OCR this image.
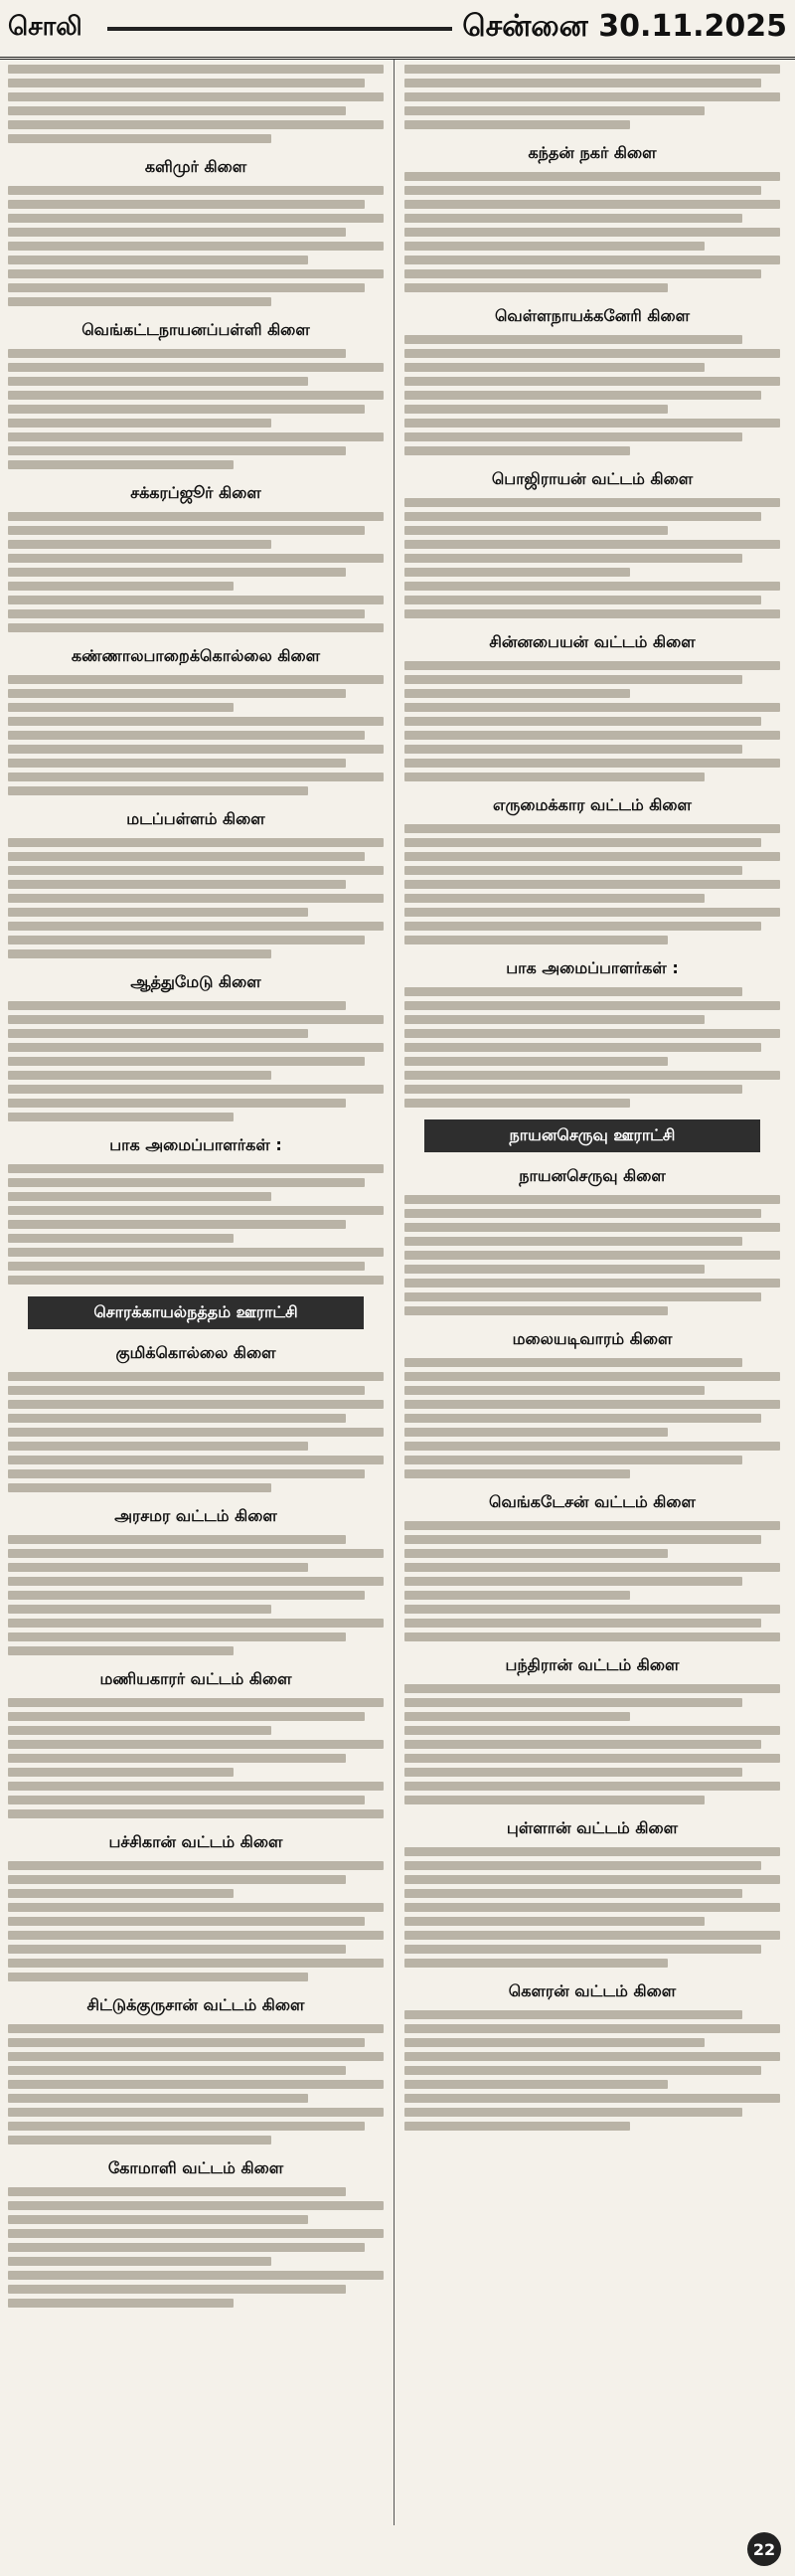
சொலி	சென்னை 30.11.2025
களிமுர் கிளை
வெங்கட்டநாயனப்பள்ளி கிளை
சக்கரப்ஜூர் கிளை
கண்ணாலபாறைக்கொல்லை கிளை
மடப்பள்ளம் கிளை
ஆத்துமேடு கிளை
பாக அமைப்பாளர்கள் :
சொரக்காயல்நத்தம் ஊராட்சி
குமிக்கொல்லை கிளை
அரசமர வட்டம் கிளை
மணியகாரர் வட்டம் கிளை
பச்சிகான் வட்டம் கிளை
சிட்டுக்குருசான் வட்டம் கிளை
கோமாளி வட்டம் கிளை
கந்தன் நகர் கிளை
வெள்ளநாயக்கனேரி கிளை
பொஜிராயன் வட்டம் கிளை
சின்னபையன் வட்டம் கிளை
எருமைக்கார வட்டம் கிளை
பாக அமைப்பாளர்கள் :
நாயனசெருவு ஊராட்சி
நாயனசெருவு கிளை
மலையடிவாரம் கிளை
வெங்கடேசன் வட்டம் கிளை
பந்திரான் வட்டம் கிளை
புள்ளான் வட்டம் கிளை
கௌரன் வட்டம் கிளை
22
